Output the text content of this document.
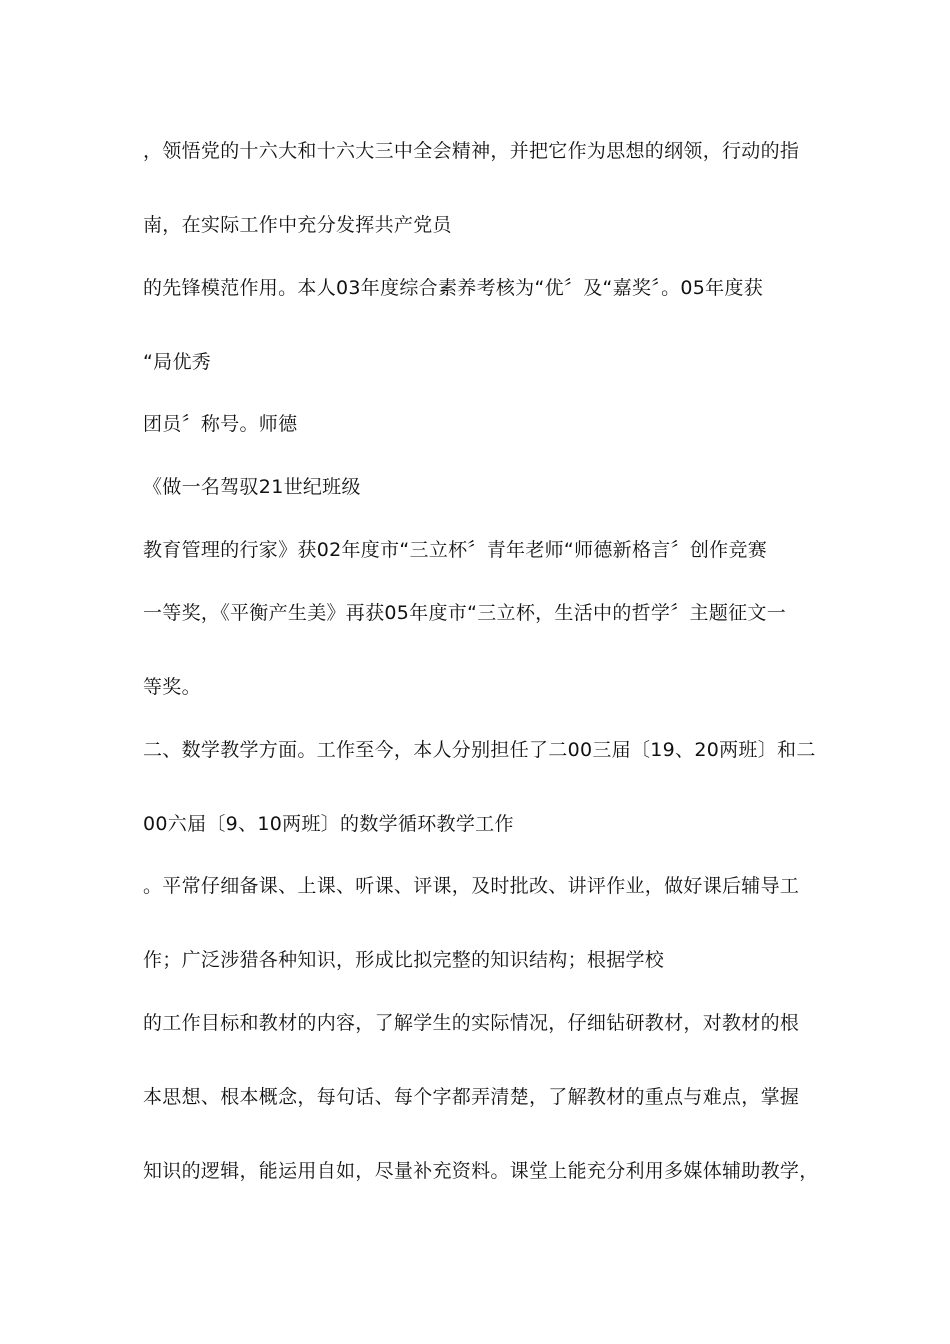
，领悟党的十六大和十六大三中全会精神，并把它作为思想的纲领，行动的指
南，在实际工作中充分发挥共产党员
的先锋模范作用。本人03年度综合素养考核为“优〞及“嘉奖〞。05年度获
“局优秀
团员〞称号。师德
《做一名驾驭21世纪班级
教育管理的行家》获02年度市“三立杯〞青年老师“师德新格言〞创作竞赛
一等奖，《平衡产生美》再获05年度市“三立杯，生活中的哲学〞主题征文一
等奖。
二、数学教学方面。工作至今，本人分别担任了二00三届〔19、20两班〕和二
00六届〔9、10两班〕的数学循环教学工作
。平常仔细备课、上课、听课、评课，及时批改、讲评作业，做好课后辅导工
作；广泛涉猎各种知识，形成比拟完整的知识结构；根据学校
的工作目标和教材的内容，了解学生的实际情况，仔细钻研教材，对教材的根
本思想、根本概念，每句话、每个字都弄清楚，了解教材的重点与难点，掌握
知识的逻辑，能运用自如，尽量补充资料。课堂上能充分利用多媒体辅助教学，
